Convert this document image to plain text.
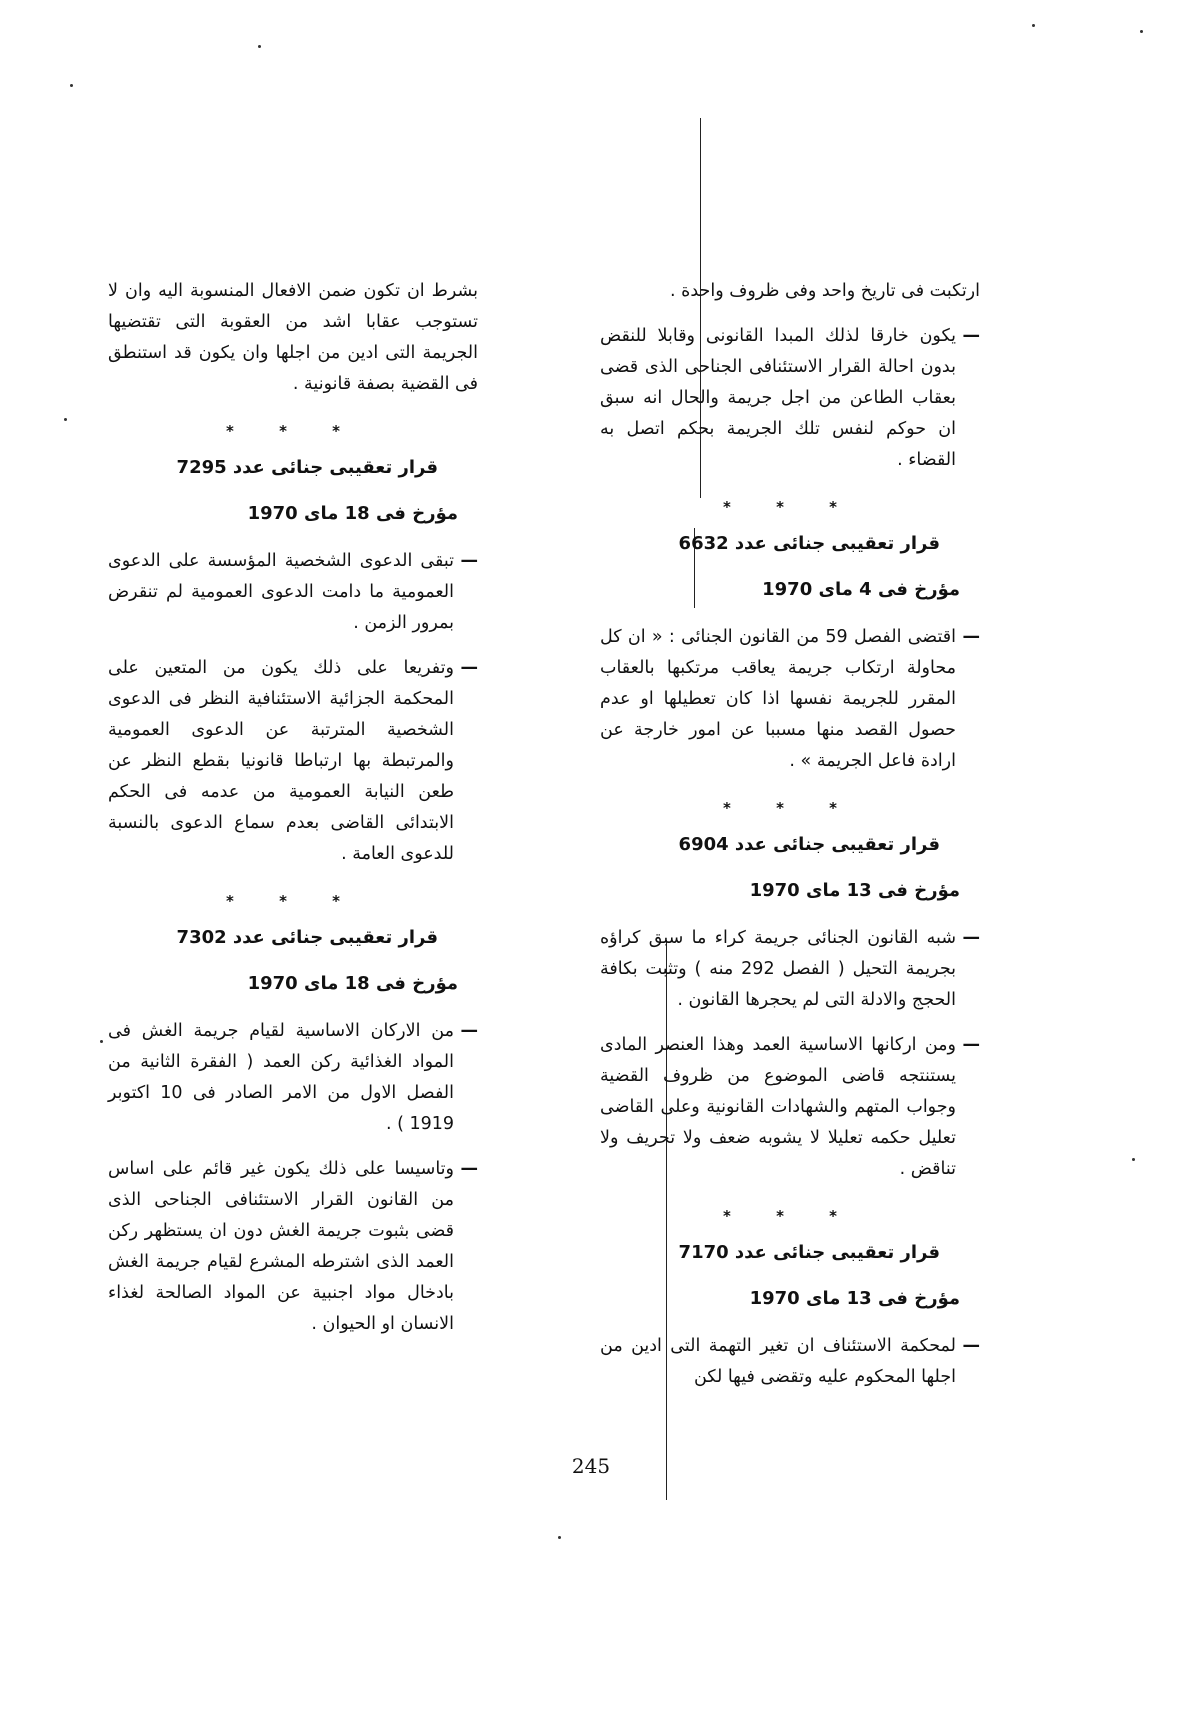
ارتكبت فى تاريخ واحد وفى ظروف واحدة .

— يكون خارقا لذلك المبدا القانونى وقابلا للنقض بدون احالة القرار الاستئنافى الجناحى الذى قضى بعقاب الطاعن من اجل جريمة والحال انه سبق ان حوكم لنفس تلك الجريمة بحكم اتصل به القضاء .

* * *
قرار تعقيبى جنائى عدد 6632
مؤرخ فى 4 ماى 1970

— اقتضى الفصل 59 من القانون الجنائى : « ان كل محاولة ارتكاب جريمة يعاقب مرتكبها بالعقاب المقرر للجريمة نفسها اذا كان تعطيلها او عدم حصول القصد منها مسببا عن امور خارجة عن ارادة فاعل الجريمة » .

* * *
قرار تعقيبى جنائى عدد 6904
مؤرخ فى 13 ماى 1970

— شبه القانون الجنائى جريمة كراء ما سبق كراؤه بجريمة التحيل ( الفصل 292 منه ) وتثبت بكافة الحجج والادلة التى لم يحجرها القانون .

— ومن اركانها الاساسية العمد وهذا العنصر المادى يستنتجه قاضى الموضوع من ظروف القضية وجواب المتهم والشهادات القانونية وعلى القاضى تعليل حكمه تعليلا لا يشوبه ضعف ولا تحريف ولا تناقض .

* * *
قرار تعقيبى جنائى عدد 7170
مؤرخ فى 13 ماى 1970

— لمحكمة الاستئناف ان تغير التهمة التى ادين من اجلها المحكوم عليه وتقضى فيها لكن

بشرط ان تكون ضمن الافعال المنسوبة اليه وان لا تستوجب عقابا اشد من العقوبة التى تقتضيها الجريمة التى ادين من اجلها وان يكون قد استنطق فى القضية بصفة قانونية .

* * *
قرار تعقيبى جنائى عدد 7295
مؤرخ فى 18 ماى 1970

— تبقى الدعوى الشخصية المؤسسة على الدعوى العمومية ما دامت الدعوى العمومية لم تنقرض بمرور الزمن .

— وتفريعا على ذلك يكون من المتعين على المحكمة الجزائية الاستئنافية النظر فى الدعوى الشخصية المترتبة عن الدعوى العمومية والمرتبطة بها ارتباطا قانونيا بقطع النظر عن طعن النيابة العمومية من عدمه فى الحكم الابتدائى القاضى بعدم سماع الدعوى بالنسبة للدعوى العامة .

* * *
قرار تعقيبى جنائى عدد 7302
مؤرخ فى 18 ماى 1970

— من الاركان الاساسية لقيام جريمة الغش فى المواد الغذائية ركن العمد ( الفقرة الثانية من الفصل الاول من الامر الصادر فى 10 اكتوبر 1919 ) .

— وتاسيسا على ذلك يكون غير قائم على اساس من القانون القرار الاستئنافى الجناحى الذى قضى بثبوت جريمة الغش دون ان يستظهر ركن العمد الذى اشترطه المشرع لقيام جريمة الغش بادخال مواد اجنبية عن المواد الصالحة لغذاء الانسان او الحيوان .

245
